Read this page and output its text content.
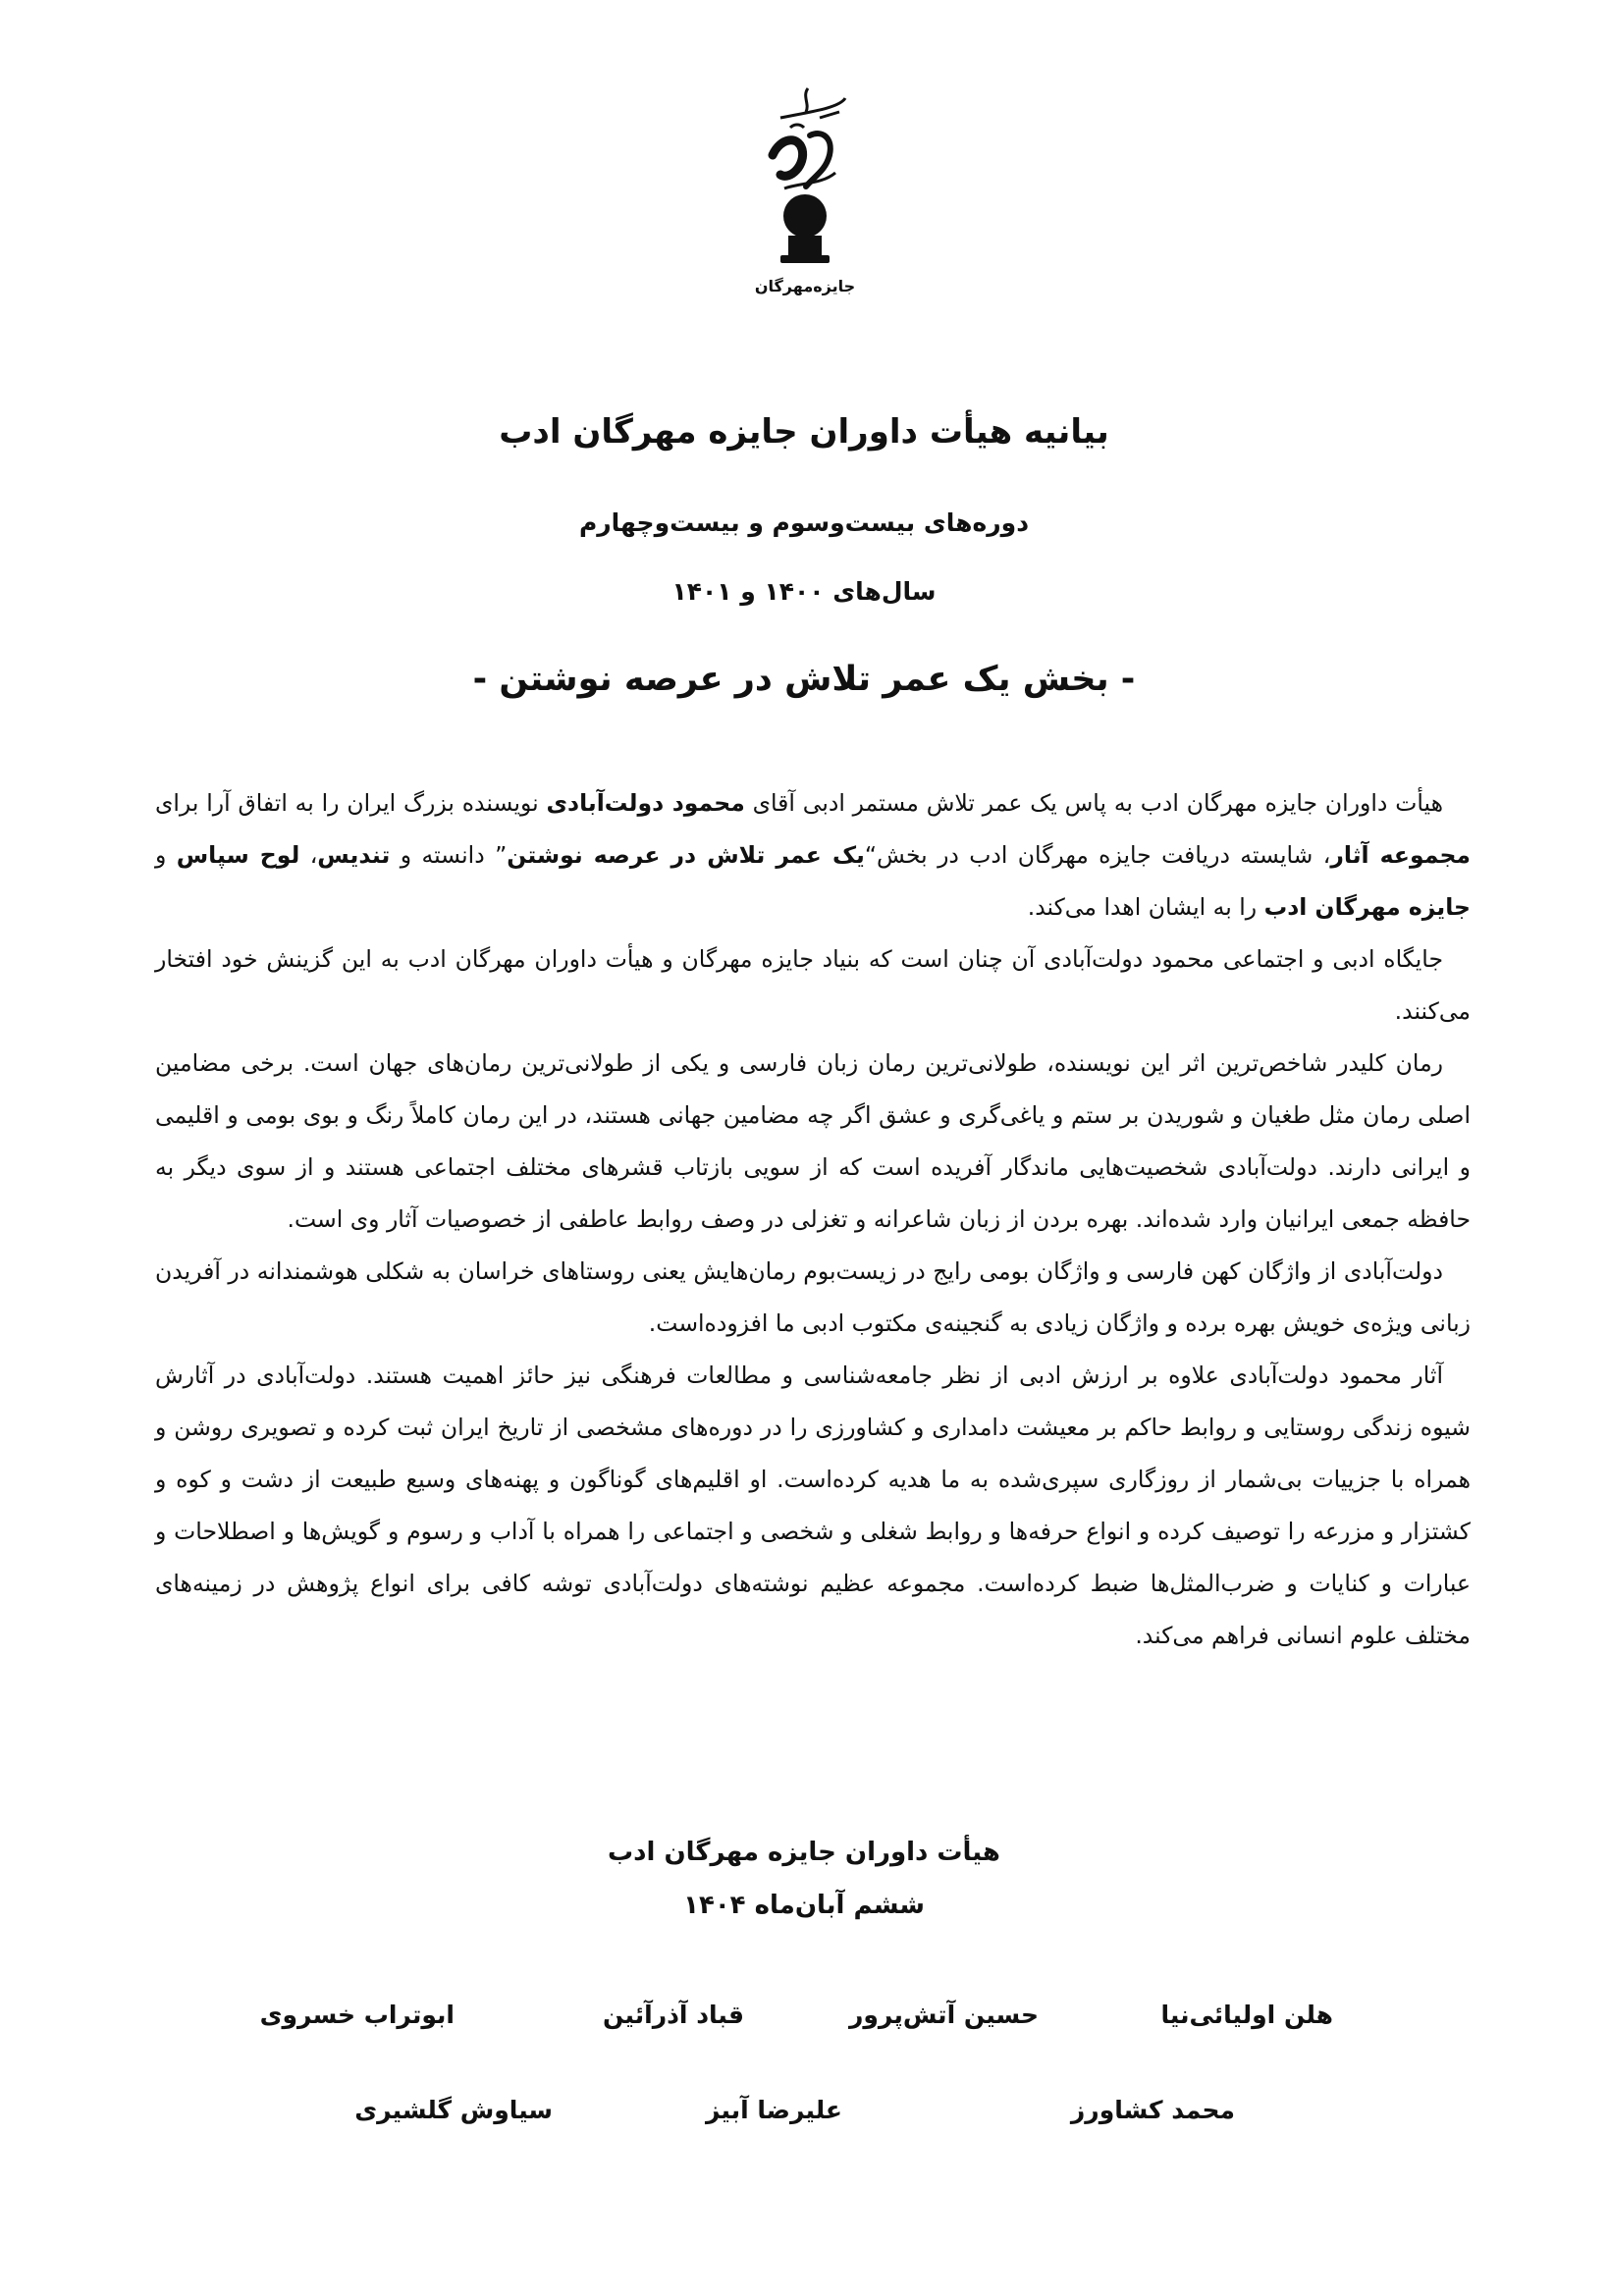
جایزه‌مهرگان
بیانیه هیأت داوران جایزه مهرگان ادب
دوره‌های بیست‌وسوم و بیست‌وچهارم
سال‌های ۱۴۰۰ و ۱۴۰۱
- بخش یک عمر تلاش در عرصه نوشتن -

هیأت داوران جایزه مهرگان ادب به پاس یک عمر تلاش مستمر ادبی آقای محمود دولت‌آبادی نویسنده بزرگ ایران را به اتفاق آرا برای مجموعه آثار، شایسته دریافت جایزه مهرگان ادب در بخش“یک عمر تلاش در عرصه نوشتن” دانسته و تندیس، لوح سپاس و جایزه مهرگان ادب را به ایشان اهدا می‌کند.

جایگاه ادبی و اجتماعی محمود دولت‌آبادی آن چنان است که بنیاد جایزه مهرگان و هیأت داوران مهرگان ادب به این گزینش خود افتخار می‌کنند.

رمان کلیدر شاخص‌ترین اثر این نویسنده، طولانی‌ترین رمان زبان فارسی و یکی از طولانی‌ترین رمان‌های جهان است. برخی مضامین اصلی رمان مثل طغیان و شوریدن بر ستم و یاغی‌گری و عشق اگر چه مضامین جهانی هستند، در این رمان کاملاً رنگ و بوی بومی و اقلیمی و ایرانی دارند. دولت‌آبادی شخصیت‌هایی ماندگار آفریده است که از سویی بازتاب قشرهای مختلف اجتماعی هستند و از سوی دیگر به حافظه جمعی ایرانیان وارد شده‌اند. بهره بردن از زبان شاعرانه و تغزلی در وصف روابط عاطفی از خصوصیات آثار وی است.

دولت‌آبادی از واژگان کهن فارسی و واژگان بومی رایج در زیست‌بوم رمان‌هایش یعنی روستاهای خراسان به شکلی هوشمندانه در آفریدن زبانی ویژه‌ی خویش بهره برده و واژگان زیادی به گنجینه‌ی مکتوب ادبی ما افزوده‌است.

آثار محمود دولت‌آبادی علاوه بر ارزش ادبی از نظر جامعه‌شناسی و مطالعات فرهنگی نیز حائز اهمیت هستند. دولت‌آبادی در آثارش شیوه زندگی روستایی و روابط حاکم بر معیشت دامداری و کشاورزی را در دوره‌های مشخصی از تاریخ ایران ثبت کرده و تصویری روشن و همراه با جزییات بی‌شمار از روزگاری سپری‌شده به ما هدیه کرده‌است. او اقلیم‌های گوناگون و پهنه‌های وسیع طبیعت از دشت و کوه و کشتزار و مزرعه را توصیف کرده و انواع حرفه‌ها و روابط شغلی و شخصی و اجتماعی را همراه با آداب و رسوم و گویش‌ها و اصطلاحات و عبارات و کنایات و ضرب‌المثل‌ها ضبط کرده‌است. مجموعه عظیم نوشته‌های دولت‌آبادی توشه کافی برای انواع پژوهش در زمینه‌های مختلف علوم انسانی فراهم می‌کند.

هیأت داوران جایزه مهرگان ادب
ششم آبان‌ماه ۱۴۰۴
هلن اولیائی‌نیا
حسین آتش‌پرور
قباد آذرآئین
ابوتراب خسروی
محمد کشاورز
علیرضا آبیز
سیاوش گلشیری
